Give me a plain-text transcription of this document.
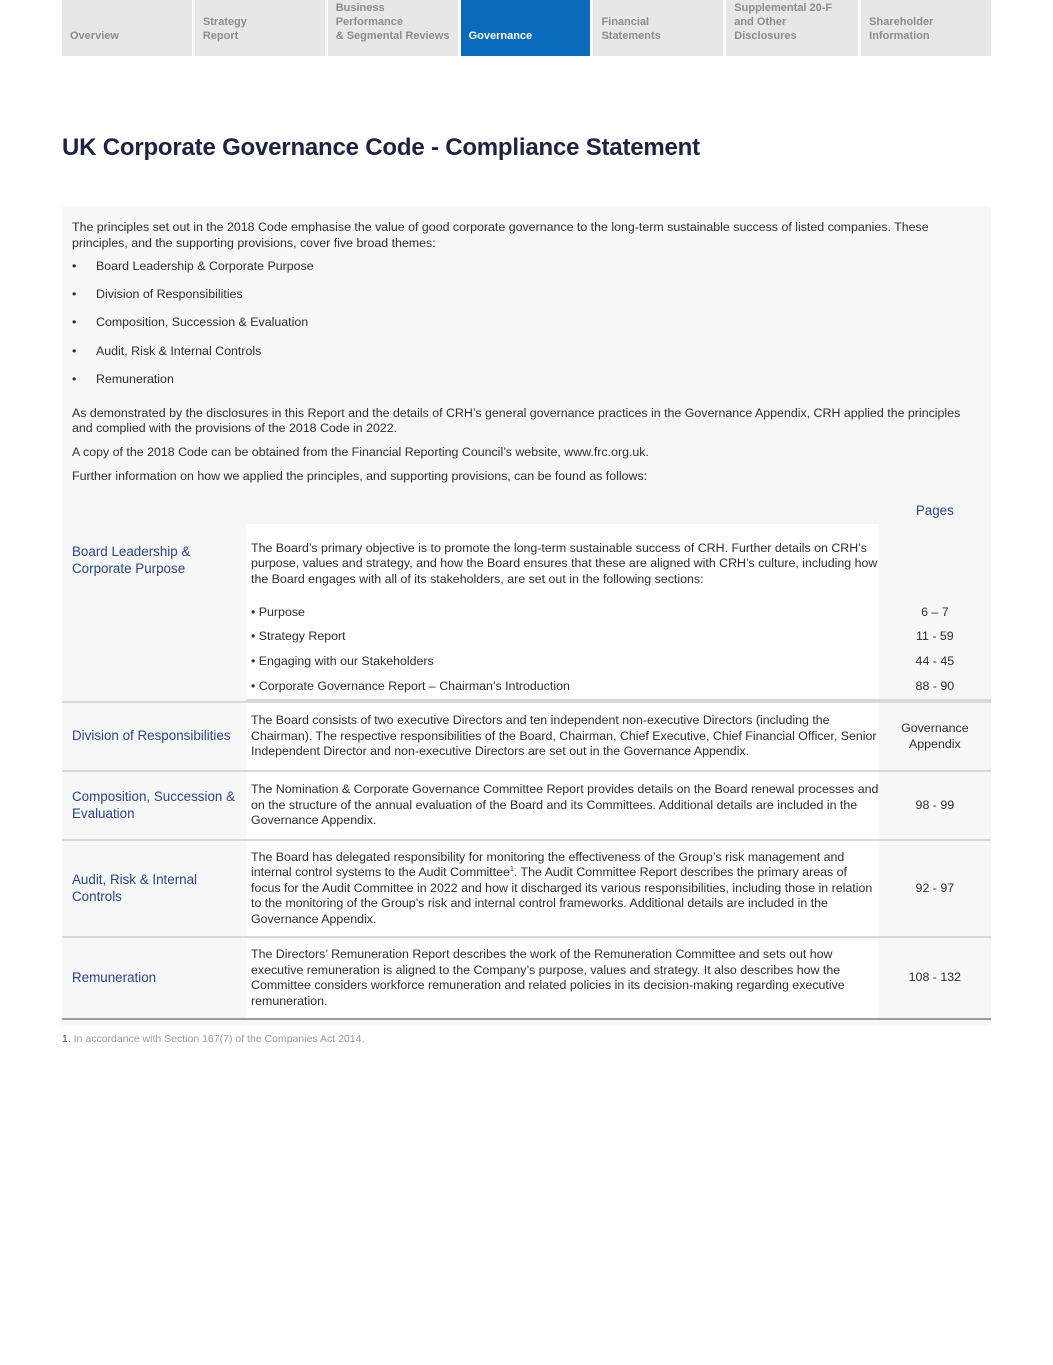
Overview
Strategy
Report
Business Performance
& Segmental Reviews Governance
Financial
Statements
Supplemental 20-F
and Other Disclosures
Shareholder
Information
UK Corporate Governance Code - Compliance Statement

The principles set out in the 2018 Code emphasise the value of good corporate governance to the long-term sustainable success of listed companies. These principles, and the supporting provisions, cover five broad themes:

• Board Leadership & Corporate Purpose
• Division of Responsibilities
• Composition, Succession & Evaluation
• Audit, Risk & Internal Controls
• Remuneration

As demonstrated by the disclosures in this Report and the details of CRH’s general governance practices in the Governance Appendix, CRH applied the principles and complied with the provisions of the 2018 Code in 2022.

A copy of the 2018 Code can be obtained from the Financial Reporting Council’s website, www.frc.org.uk.

Further information on how we applied the principles, and supporting provisions, can be found as follows:

		Pages
Board Leadership & Corporate Purpose	The Board’s primary objective is to promote the long-term sustainable success of CRH. Further details on CRH’s purpose, values and strategy, and how the Board ensures that these are aligned with CRH’s culture, including how the Board engages with all of its stakeholders, are set out in the following sections:	
	• Purpose	6 – 7
	• Strategy Report	11 - 59
	• Engaging with our Stakeholders	44 - 45
	• Corporate Governance Report – Chairman’s Introduction	88 - 90

Division of Responsibilities	The Board consists of two executive Directors and ten independent non-executive Directors (including the Chairman). The respective responsibilities of the Board, Chairman, Chief Executive, Chief Financial Officer, Senior Independent Director and non-executive Directors are set out in the Governance Appendix.	Governance Appendix
Composition, Succession & Evaluation	The Nomination & Corporate Governance Committee Report provides details on the Board renewal processes and on the structure of the annual evaluation of the Board and its Committees. Additional details are included in the Governance Appendix.	98 - 99
Audit, Risk & Internal Controls	The Board has delegated responsibility for monitoring the effectiveness of the Group’s risk management and internal control systems to the Audit Committee$^1$. The Audit Committee Report describes the primary areas of focus for the Audit Committee in 2022 and how it discharged its various responsibilities, including those in relation to the monitoring of the Group’s risk and internal control frameworks. Additional details are included in the Governance Appendix.	92 - 97
Remuneration	The Directors’ Remuneration Report describes the work of the Remuneration Committee and sets out how executive remuneration is aligned to the Company’s purpose, values and strategy. It also describes how the Committee considers workforce remuneration and related policies in its decision-making regarding executive remuneration.	108 - 132
1. In accordance with Section 167(7) of the Companies Act 2014.
